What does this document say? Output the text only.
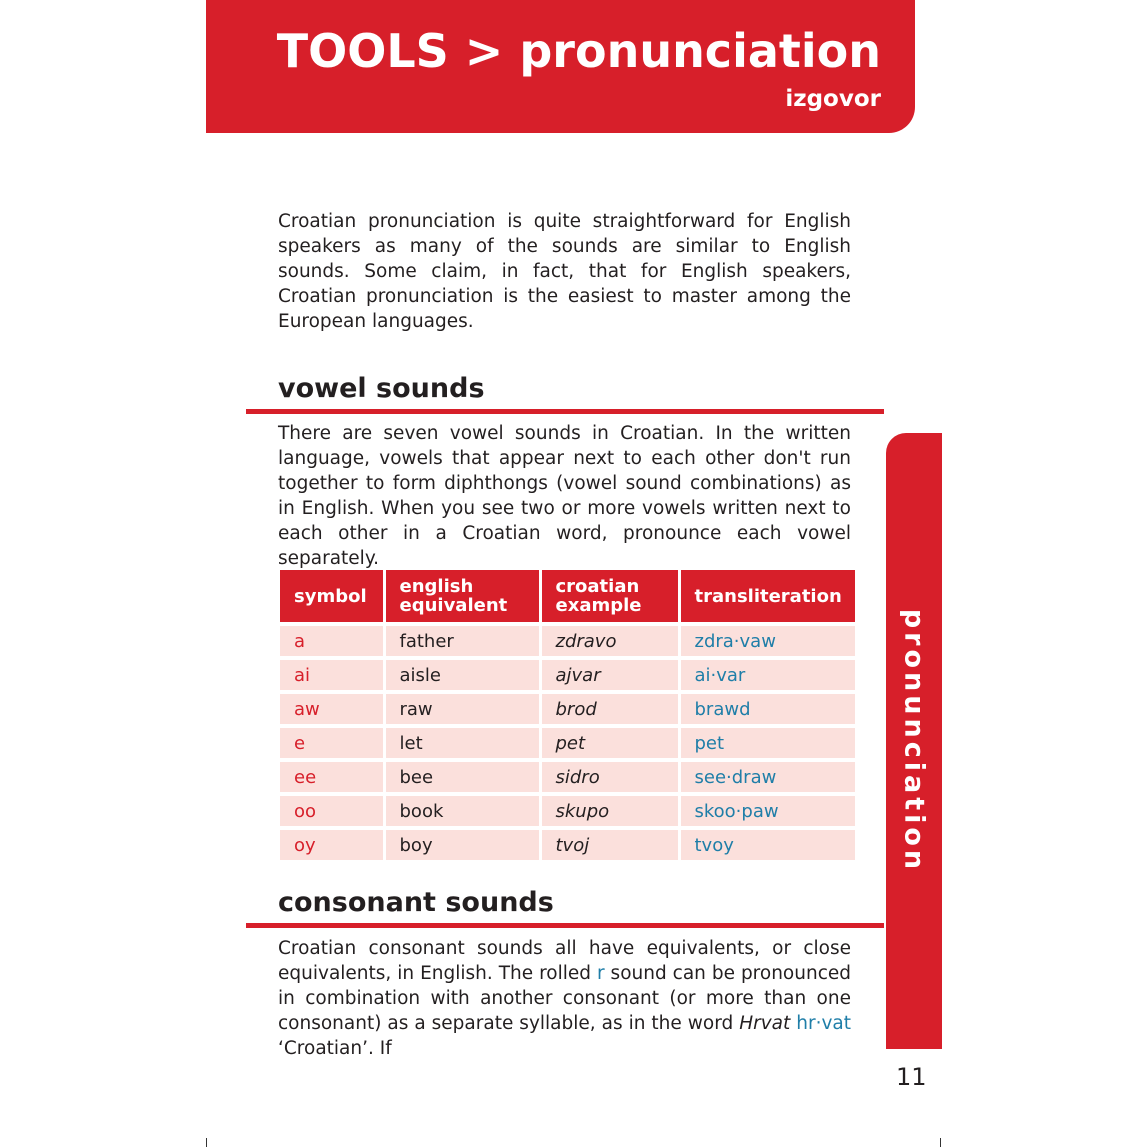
TOOLS > pronunciation
izgovor

Croatian pronunciation is quite straightforward for English speakers as many of the sounds are similar to English sounds. Some claim, in fact, that for English speakers, Croatian pronunciation is the easiest to master among the European languages.

vowel sounds

There are seven vowel sounds in Croatian. In the written language, vowels that appear next to each other don't run together to form diphthongs (vowel sound combinations) as in English. When you see two or more vowels written next to each other in a Croatian word, pronounce each vowel separately.

symbol	english equivalent	croatian example	transliteration
a	father	zdravo	zdra·vaw
ai	aisle	ajvar	ai·var
aw	raw	brod	brawd
e	let	pet	pet
ee	bee	sidro	see·draw
oo	book	skupo	skoo·paw
oy	boy	tvoj	tvoy
consonant sounds

Croatian consonant sounds all have equivalents, or close equivalents, in English. The rolled r sound can be pronounced in combination with another consonant (or more than one consonant) as a separate syllable, as in the word Hrvat hr·vat ‘Croatian’. If

pronunciation
11
